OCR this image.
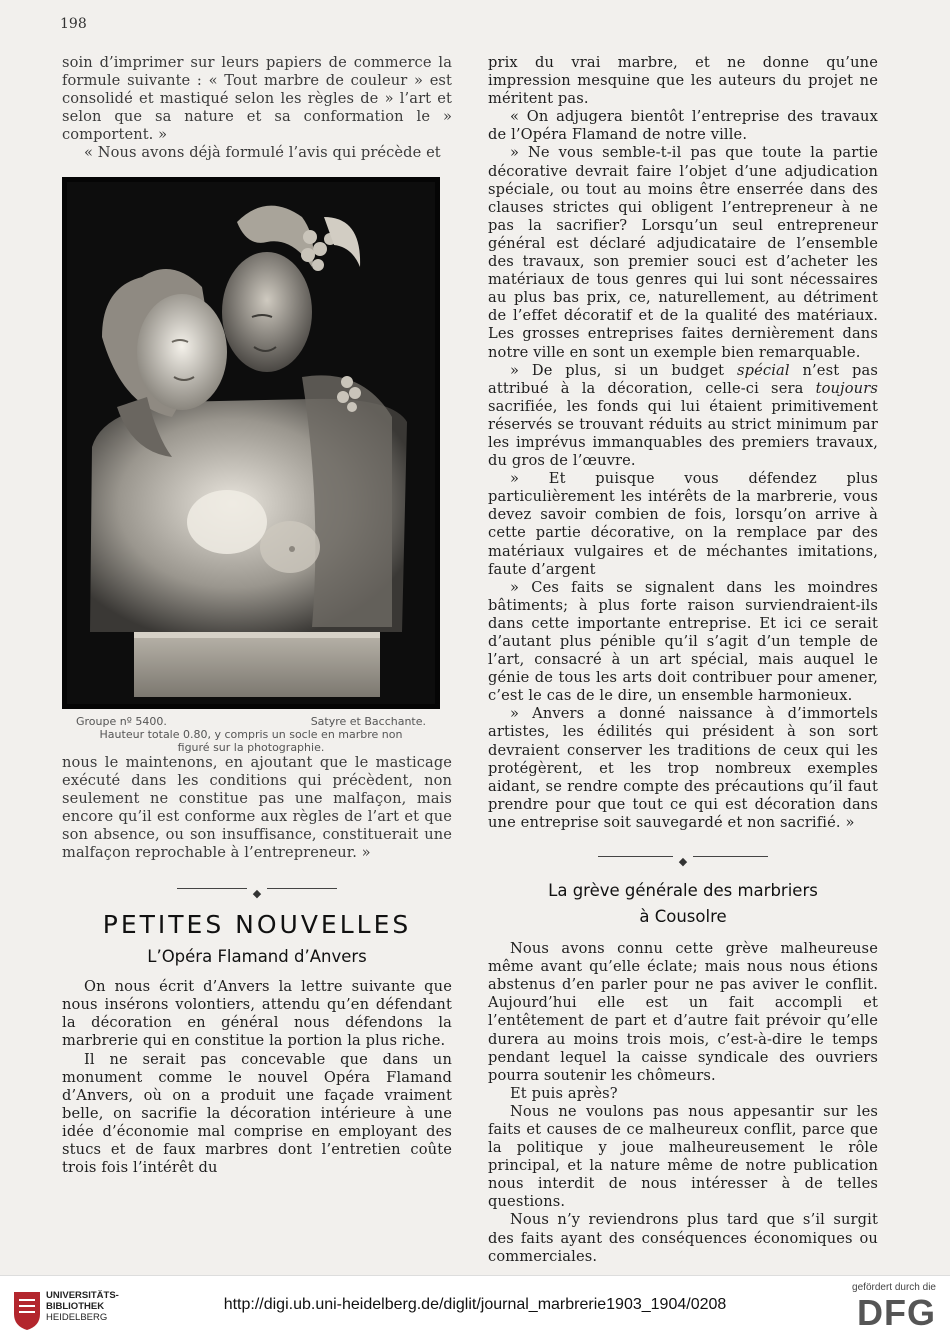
198

soin d’imprimer sur leurs papiers de commerce la formule suivante : « Tout marbre de couleur » est consolidé et mastiqué selon les règles de » l’art et selon que sa nature et sa conformation le » comportent. »

« Nous avons déjà formulé l’avis qui précède et

Groupe nº 5400.	Satyre et Bacchante.
Hauteur totale 0.80, y compris un socle en marbre non
figuré sur la photographie.

nous le maintenons, en ajoutant que le masticage exécuté dans les conditions qui précèdent, non seulement ne constitue pas une malfaçon, mais encore qu’il est conforme aux règles de l’art et que son absence, ou son insuffisance, constituerait une malfaçon reprochable à l’entrepreneur. »

◆
PETITES NOUVELLES
L’Opéra Flamand d’Anvers

On nous écrit d’Anvers la lettre suivante que nous insérons volontiers, attendu qu’en défendant la décoration en général nous défendons la marbrerie qui en constitue la portion la plus riche.

Il ne serait pas concevable que dans un monument comme le nouvel Opéra Flamand d’Anvers, où on a produit une façade vraiment belle, on sacrifie la décoration intérieure à une idée d’économie mal comprise en employant des stucs et de faux marbres dont l’entretien coûte trois fois l’intérêt du

prix du vrai marbre, et ne donne qu’une impression mesquine que les auteurs du projet ne méritent pas.

« On adjugera bientôt l’entreprise des travaux de l’Opéra Flamand de notre ville.

» Ne vous semble-t-il pas que toute la partie décorative devrait faire l’objet d’une adjudication spéciale, ou tout au moins être enserrée dans des clauses strictes qui obligent l’entrepreneur à ne pas la sacrifier? Lorsqu’un seul entrepreneur général est déclaré adjudicataire de l’ensemble des travaux, son premier souci est d’acheter les matériaux de tous genres qui lui sont nécessaires au plus bas prix, ce, naturellement, au détriment de l’effet décoratif et de la qualité des matériaux. Les grosses entreprises faites dernièrement dans notre ville en sont un exemple bien remarquable.

» De plus, si un budget spécial n’est pas attribué à la décoration, celle-ci sera toujours sacrifiée, les fonds qui lui étaient primitivement réservés se trouvant réduits au strict minimum par les imprévus immanquables des premiers travaux, du gros de l’œuvre.

» Et puisque vous défendez plus particulièrement les intérêts de la marbrerie, vous devez savoir combien de fois, lorsqu’on arrive à cette partie décorative, on la remplace par des matériaux vulgaires et de méchantes imitations, faute d’argent

» Ces faits se signalent dans les moindres bâtiments; à plus forte raison surviendraient-ils dans cette importante entreprise. Et ici ce serait d’autant plus pénible qu’il s’agit d’un temple de l’art, consacré à un art spécial, mais auquel le génie de tous les arts doit contribuer pour amener, c’est le cas de le dire, un ensemble harmonieux.

» Anvers a donné naissance à d’immortels artistes, les édilités qui président à son sort devraient conserver les traditions de ceux qui les protégèrent, et les trop nombreux exemples aidant, se rendre compte des précautions qu’il faut prendre pour que tout ce qui est décoration dans une entreprise soit sauvegardé et non sacrifié. »

◆
La grève générale des marbriers
à Cousolre

Nous avons connu cette grève malheureuse même avant qu’elle éclate; mais nous nous étions abstenus d’en parler pour ne pas aviver le conflit. Aujourd’hui elle est un fait accompli et l’entêtement de part et d’autre fait prévoir qu’elle durera au moins trois mois, c’est-à-dire le temps pendant lequel la caisse syndicale des ouvriers pourra soutenir les chômeurs.

Et puis après?

Nous ne voulons pas nous appesantir sur les faits et causes de ce malheureux conflit, parce que la politique y joue malheureusement le rôle principal, et la nature même de notre publication nous interdit de nous intéresser à de telles questions.

Nous n’y reviendrons plus tard que s’il surgit des faits ayant des conséquences économiques ou commerciales.

UNIVERSITÄTS-
BIBLIOTHEK
HEIDELBERG
http://digi.ub.uni-heidelberg.de/diglit/journal_marbrerie1903_1904/0208
gefördert durch die
DFG
